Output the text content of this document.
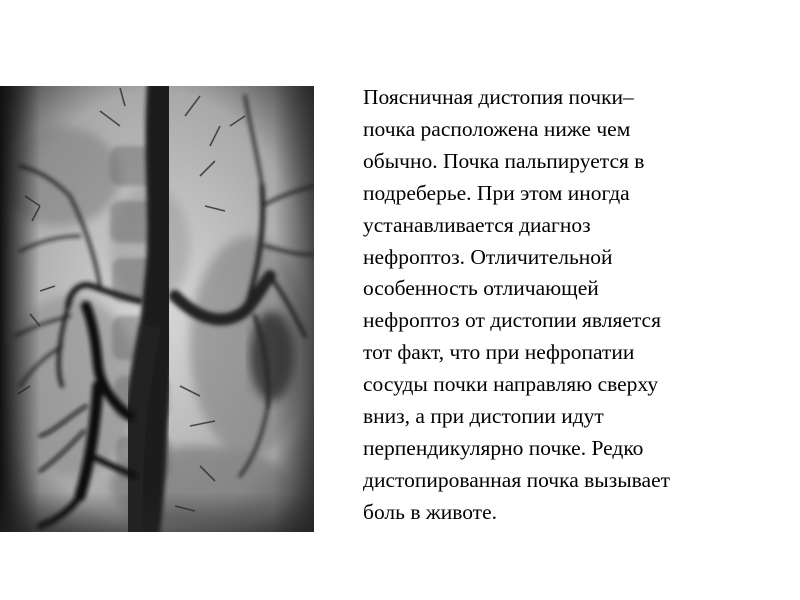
Поясничная дистопия почки–
почка расположена ниже чем
обычно. Почка пальпируется в
подреберье. При этом иногда
устанавливается диагноз
нефроптоз. Отличительной
особенность отличающей
нефроптоз от дистопии является
тот факт, что при нефропатии
сосуды почки направляю сверху
вниз, а при дистопии идут
перпендикулярно почке. Редко
дистопированная почка вызывает
боль в животе.
